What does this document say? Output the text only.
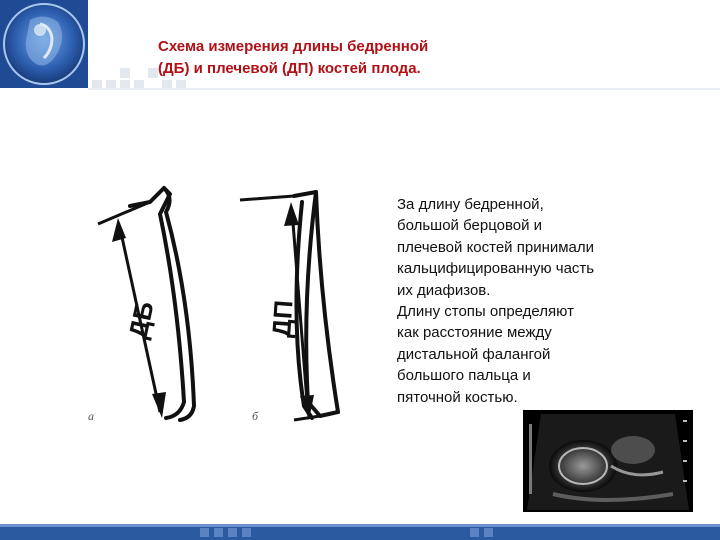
Схема измерения длины бедренной
(ДБ) и плечевой (ДП) костей плода.
ДБ	ДП
а	б
За длину бедренной,
большой берцовой и
плечевой костей принимали
кальцифицированную часть
их диафизов.
Длину стопы определяют
как расстояние между
дистальной фалангой
большого пальца и
пяточной костью.
